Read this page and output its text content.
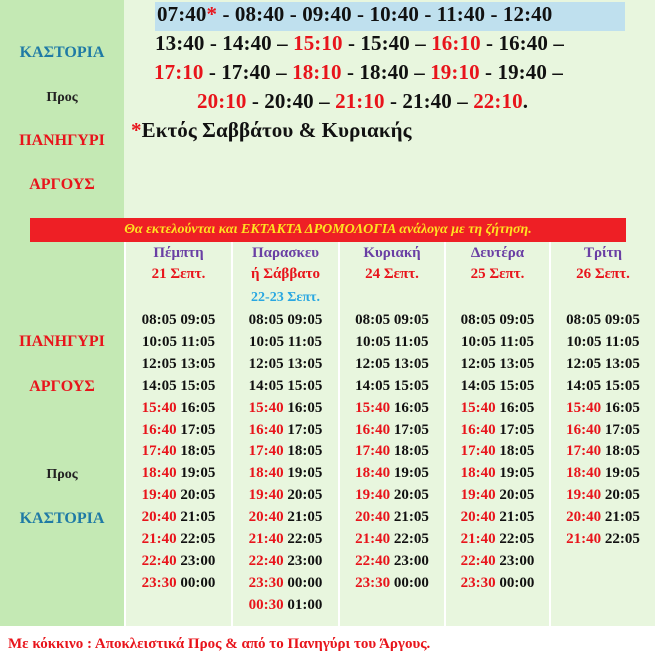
ΚΑΣΤΟΡΙΑ
Προς
ΠΑΝΗΓΥΡΙ
ΑΡΓΟΥΣ
07:40* - 08:40 - 09:40 - 10:40 - 11:40 - 12:40
13:40 - 14:40 – 15:10 - 15:40 – 16:10 - 16:40 –
17:10 - 17:40 – 18:10 - 18:40 – 19:10 - 19:40 –
20:10 - 20:40 – 21:10 - 21:40 – 22:10.
*Εκτός Σαββάτου & Κυριακής
Θα εκτελούνται και ΕΚΤΑΚΤΑ ΔΡΟΜΟΛΟΓΙΑ ανάλογα με τη ζήτηση.
ΠΑΝΗΓΥΡΙ
ΑΡΓΟΥΣ
Προς
ΚΑΣΤΟΡΙΑ
Πέμπτη
21 Σεπτ.
08:05 09:05
10:05 11:05
12:05 13:05
14:05 15:05
15:40 16:05
16:40 17:05
17:40 18:05
18:40 19:05
19:40 20:05
20:40 21:05
21:40 22:05
22:40 23:00
23:30 00:00
Παρασκευ
ή Σάββατο
22-23 Σεπτ.
08:05 09:05
10:05 11:05
12:05 13:05
14:05 15:05
15:40 16:05
16:40 17:05
17:40 18:05
18:40 19:05
19:40 20:05
20:40 21:05
21:40 22:05
22:40 23:00
23:30 00:00
00:30 01:00
Κυριακή
24 Σεπτ.
08:05 09:05
10:05 11:05
12:05 13:05
14:05 15:05
15:40 16:05
16:40 17:05
17:40 18:05
18:40 19:05
19:40 20:05
20:40 21:05
21:40 22:05
22:40 23:00
23:30 00:00
Δευτέρα
25 Σεπτ.
08:05 09:05
10:05 11:05
12:05 13:05
14:05 15:05
15:40 16:05
16:40 17:05
17:40 18:05
18:40 19:05
19:40 20:05
20:40 21:05
21:40 22:05
22:40 23:00
23:30 00:00
Τρίτη
26 Σεπτ.
08:05 09:05
10:05 11:05
12:05 13:05
14:05 15:05
15:40 16:05
16:40 17:05
17:40 18:05
18:40 19:05
19:40 20:05
20:40 21:05
21:40 22:05
Με κόκκινο : Αποκλειστικά Προς & από το Πανηγύρι του Άργους.
